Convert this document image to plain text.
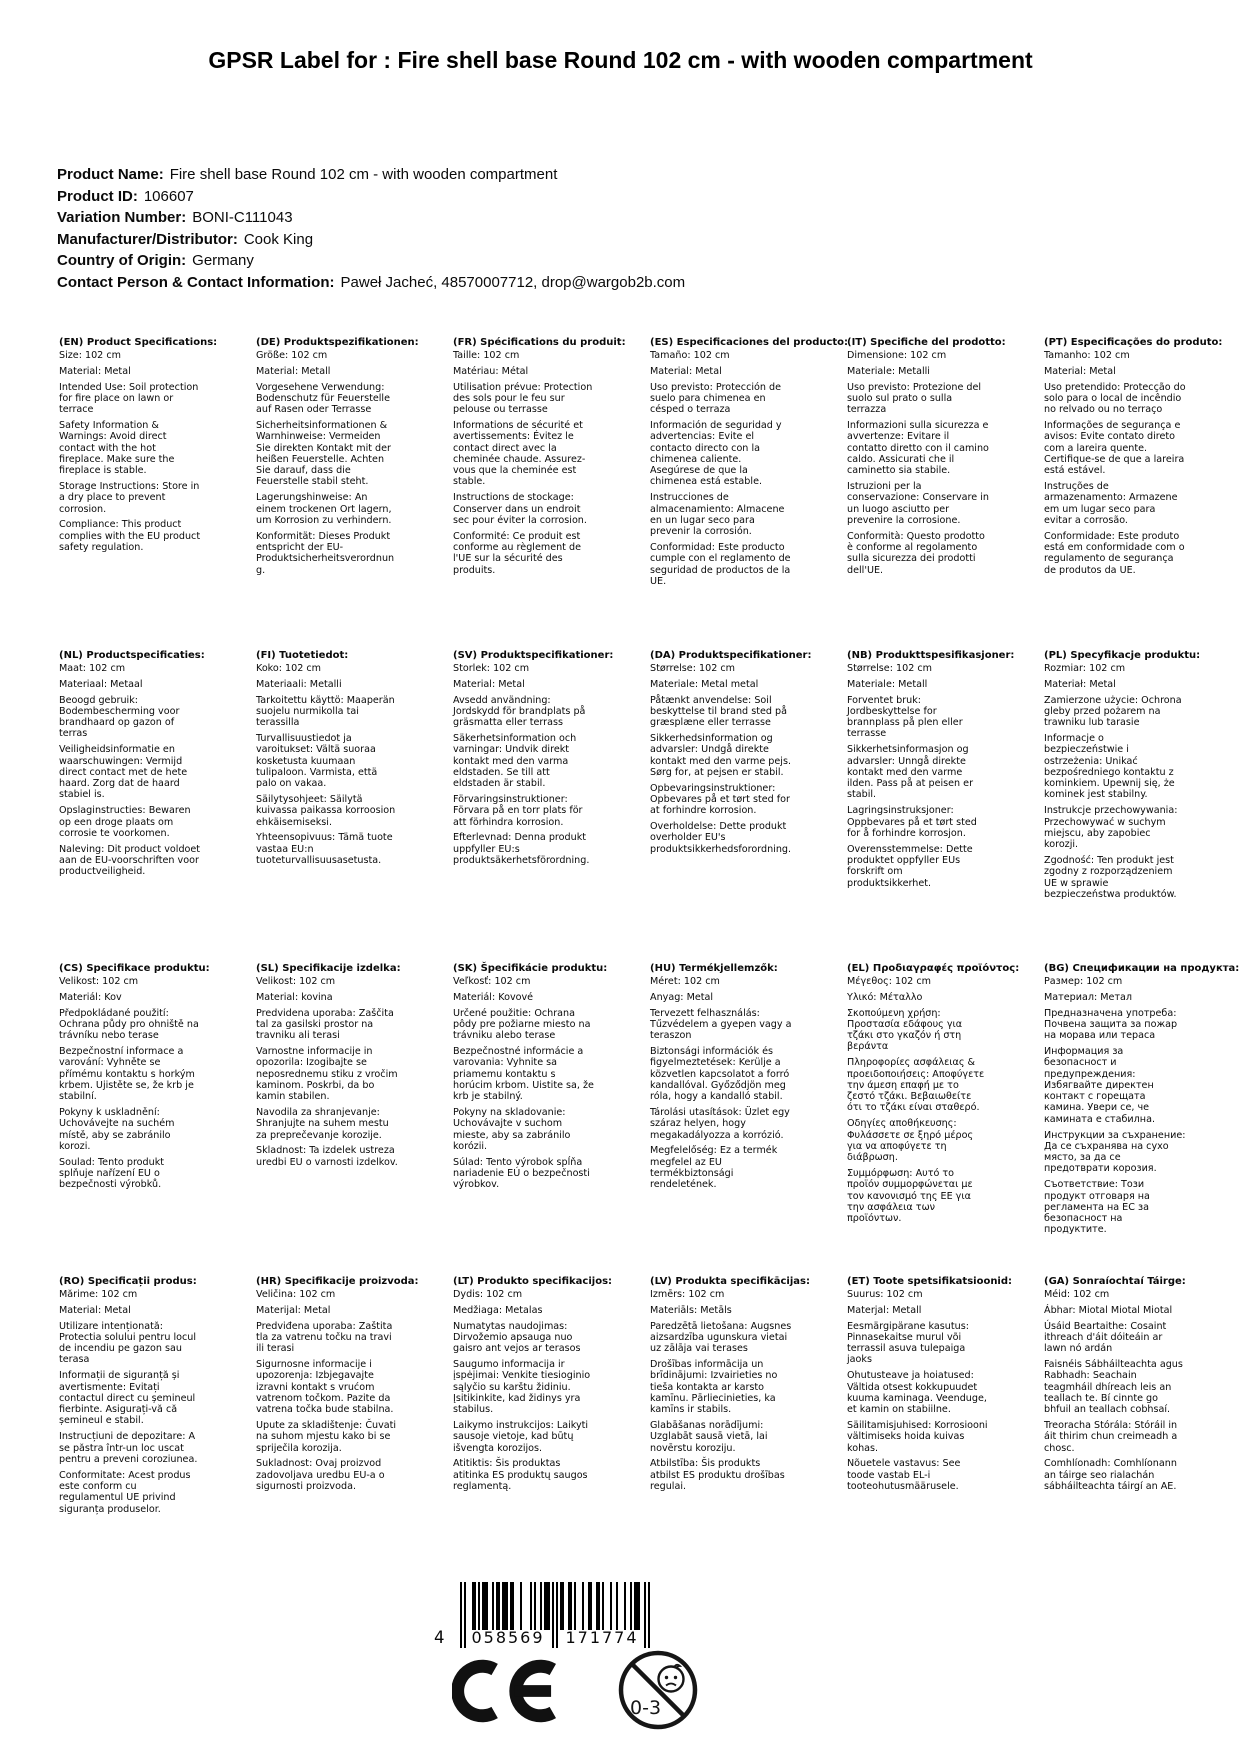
GPSR Label for : Fire shell base Round 102 cm - with wooden compartment
Product Name: Fire shell base Round 102 cm - with wooden compartment
Product ID: 106607
Variation Number: BONI-C111043
Manufacturer/Distributor: Cook King
Country of Origin: Germany
Contact Person & Contact Information: Paweł Jacheć, 48570007712, drop@wargob2b.com
(EN) Product Specifications:

Size: 102 cm

Material: Metal

Intended Use: Soil protection for fire place on lawn or terrace

Safety Information & Warnings: Avoid direct contact with the hot fireplace. Make sure the fireplace is stable.

Storage Instructions: Store in a dry place to prevent corrosion.

Compliance: This product complies with the EU product safety regulation.

(DE) Produktspezifikationen:

Größe: 102 cm

Material: Metall

Vorgesehene Verwendung: Bodenschutz für Feuerstelle auf Rasen oder Terrasse

Sicherheitsinformationen & Warnhinweise: Vermeiden Sie direkten Kontakt mit der heißen Feuerstelle. Achten Sie darauf, dass die Feuerstelle stabil steht.

Lagerungshinweise: An einem trockenen Ort lagern, um Korrosion zu verhindern.

Konformität: Dieses Produkt entspricht der EU-Produktsicherheitsverordnung.

(FR) Spécifications du produit:

Taille: 102 cm

Matériau: Métal

Utilisation prévue: Protection des sols pour le feu sur pelouse ou terrasse

Informations de sécurité et avertissements: Évitez le contact direct avec la cheminée chaude. Assurez-vous que la cheminée est stable.

Instructions de stockage: Conserver dans un endroit sec pour éviter la corrosion.

Conformité: Ce produit est conforme au règlement de l'UE sur la sécurité des produits.

(ES) Especificaciones del producto:

Tamaño: 102 cm

Material: Metal

Uso previsto: Protección de suelo para chimenea en césped o terraza

Información de seguridad y advertencias: Evite el contacto directo con la chimenea caliente. Asegúrese de que la chimenea está estable.

Instrucciones de almacenamiento: Almacene en un lugar seco para prevenir la corrosión.

Conformidad: Este producto cumple con el reglamento de seguridad de productos de la UE.

(IT) Specifiche del prodotto:

Dimensione: 102 cm

Materiale: Metalli

Uso previsto: Protezione del suolo sul prato o sulla terrazza

Informazioni sulla sicurezza e avvertenze: Evitare il contatto diretto con il camino caldo. Assicurati che il caminetto sia stabile.

Istruzioni per la conservazione: Conservare in un luogo asciutto per prevenire la corrosione.

Conformità: Questo prodotto è conforme al regolamento sulla sicurezza dei prodotti dell'UE.

(PT) Especificações do produto:

Tamanho: 102 cm

Material: Metal

Uso pretendido: Protecção do solo para o local de incêndio no relvado ou no terraço

Informações de segurança e avisos: Evite contato direto com a lareira quente. Certifique-se de que a lareira está estável.

Instruções de armazenamento: Armazene em um lugar seco para evitar a corrosão.

Conformidade: Este produto está em conformidade com o regulamento de segurança de produtos da UE.

(NL) Productspecificaties:

Maat: 102 cm

Materiaal: Metaal

Beoogd gebruik: Bodembescherming voor brandhaard op gazon of terras

Veiligheidsinformatie en waarschuwingen: Vermijd direct contact met de hete haard. Zorg dat de haard stabiel is.

Opslaginstructies: Bewaren op een droge plaats om corrosie te voorkomen.

Naleving: Dit product voldoet aan de EU-voorschriften voor productveiligheid.

(FI) Tuotetiedot:

Koko: 102 cm

Materiaali: Metalli

Tarkoitettu käyttö: Maaperän suojelu nurmikolla tai terassilla

Turvallisuustiedot ja varoitukset: Vältä suoraa kosketusta kuumaan tulipaloon. Varmista, että palo on vakaa.

Säilytysohjeet: Säilytä kuivassa paikassa korroosion ehkäisemiseksi.

Yhteensopivuus: Tämä tuote vastaa EU:n tuoteturvallisuusasetusta.

(SV) Produktspecifikationer:

Storlek: 102 cm

Material: Metal

Avsedd användning: Jordskydd för brandplats på gräsmatta eller terrass

Säkerhetsinformation och varningar: Undvik direkt kontakt med den varma eldstaden. Se till att eldstaden är stabil.

Förvaringsinstruktioner: Förvara på en torr plats för att förhindra korrosion.

Efterlevnad: Denna produkt uppfyller EU:s produktsäkerhetsförordning.

(DA) Produktspecifikationer:

Størrelse: 102 cm

Materiale: Metal metal

Påtænkt anvendelse: Soil beskyttelse til brand sted på græsplæne eller terrasse

Sikkerhedsinformation og advarsler: Undgå direkte kontakt med den varme pejs. Sørg for, at pejsen er stabil.

Opbevaringsinstruktioner: Opbevares på et tørt sted for at forhindre korrosion.

Overholdelse: Dette produkt overholder EU's produktsikkerhedsforordning.

(NB) Produkttspesifikasjoner:

Størrelse: 102 cm

Materiale: Metall

Forventet bruk: Jordbeskyttelse for brannplass på plen eller terrasse

Sikkerhetsinformasjon og advarsler: Unngå direkte kontakt med den varme ilden. Pass på at peisen er stabil.

Lagringsinstruksjoner: Oppbevares på et tørt sted for å forhindre korrosjon.

Overensstemmelse: Dette produktet oppfyller EUs forskrift om produktsikkerhet.

(PL) Specyfikacje produktu:

Rozmiar: 102 cm

Materiał: Metal

Zamierzone użycie: Ochrona gleby przed pożarem na trawniku lub tarasie

Informacje o bezpieczeństwie i ostrzeżenia: Unikać bezpośredniego kontaktu z kominkiem. Upewnij się, że kominek jest stabilny.

Instrukcje przechowywania: Przechowywać w suchym miejscu, aby zapobiec korozji.

Zgodność: Ten produkt jest zgodny z rozporządzeniem UE w sprawie bezpieczeństwa produktów.

(CS) Specifikace produktu:

Velikost: 102 cm

Materiál: Kov

Předpokládané použití: Ochrana půdy pro ohniště na trávníku nebo terase

Bezpečnostní informace a varování: Vyhněte se přímému kontaktu s horkým krbem. Ujistěte se, že krb je stabilní.

Pokyny k uskladnění: Uchovávejte na suchém místě, aby se zabránilo korozi.

Soulad: Tento produkt splňuje nařízení EU o bezpečnosti výrobků.

(SL) Specifikacije izdelka:

Velikost: 102 cm

Material: kovina

Predvidena uporaba: Zaščita tal za gasilski prostor na travniku ali terasi

Varnostne informacije in opozorila: Izogibajte se neposrednemu stiku z vročim kaminom. Poskrbi, da bo kamin stabilen.

Navodila za shranjevanje: Shranjujte na suhem mestu za preprečevanje korozije.

Skladnost: Ta izdelek ustreza uredbi EU o varnosti izdelkov.

(SK) Špecifikácie produktu:

Veľkosť: 102 cm

Materiál: Kovové

Určené použitie: Ochrana pôdy pre požiarne miesto na trávniku alebo terase

Bezpečnostné informácie a varovania: Vyhnite sa priamemu kontaktu s horúcim krbom. Uistite sa, že krb je stabilný.

Pokyny na skladovanie: Uchovávajte v suchom mieste, aby sa zabránilo korózii.

Súlad: Tento výrobok spĺňa nariadenie EÚ o bezpečnosti výrobkov.

(HU) Termékjellemzők:

Méret: 102 cm

Anyag: Metal

Tervezett felhasználás: Tűzvédelem a gyepen vagy a teraszon

Biztonsági információk és figyelmeztetések: Kerülje a közvetlen kapcsolatot a forró kandallóval. Győződjön meg róla, hogy a kandalló stabil.

Tárolási utasítások: Üzlet egy száraz helyen, hogy megakadályozza a korrózió.

Megfelelőség: Ez a termék megfelel az EU termékbiztonsági rendeletének.

(EL) Προδιαγραφές προϊόντος:

Μέγεθος: 102 cm

Υλικό: Μέταλλο

Σκοπούμενη χρήση: Προστασία εδάφους για τζάκι στο γκαζόν ή στη βεράντα

Πληροφορίες ασφάλειας & προειδοποιήσεις: Αποφύγετε την άμεση επαφή με το ζεστό τζάκι. Βεβαιωθείτε ότι το τζάκι είναι σταθερό.

Οδηγίες αποθήκευσης: Φυλάσσετε σε ξηρό μέρος για να αποφύγετε τη διάβρωση.

Συμμόρφωση: Αυτό το προϊόν συμμορφώνεται με τον κανονισμό της ΕΕ για την ασφάλεια των προϊόντων.

(BG) Спецификации на продукта:

Размер: 102 cm

Материал: Метал

Предназначена употреба: Почвена защита за пожар на морава или тераса

Информация за безопасност и предупреждения: Избягвайте директен контакт с горещата камина. Увери се, че камината е стабилна.

Инструкции за съхранение: Да се съхранява на сухо място, за да се предотврати корозия.

Съответствие: Този продукт отговаря на регламента на ЕС за безопасност на продуктите.

(RO) Specificații produs:

Mărime: 102 cm

Material: Metal

Utilizare intenționată: Protectia solului pentru locul de incendiu pe gazon sau terasa

Informații de siguranță și avertismente: Evitați contactul direct cu șemineul fierbinte. Asigurați-vă că șemineul e stabil.

Instrucțiuni de depozitare: A se păstra într-un loc uscat pentru a preveni coroziunea.

Conformitate: Acest produs este conform cu regulamentul UE privind siguranța produselor.

(HR) Specifikacije proizvoda:

Veličina: 102 cm

Materijal: Metal

Predviđena uporaba: Zaštita tla za vatrenu točku na travi ili terasi

Sigurnosne informacije i upozorenja: Izbjegavajte izravni kontakt s vrućom vatrenom točkom. Pazite da vatrena točka bude stabilna.

Upute za skladištenje: Čuvati na suhom mjestu kako bi se spriječila korozija.

Sukladnost: Ovaj proizvod zadovoljava uredbu EU-a o sigurnosti proizvoda.

(LT) Produkto specifikacijos:

Dydis: 102 cm

Medžiaga: Metalas

Numatytas naudojimas: Dirvožemio apsauga nuo gaisro ant vejos ar terasos

Saugumo informacija ir įspėjimai: Venkite tiesioginio sąlyčio su karštu židiniu. Įsitikinkite, kad židinys yra stabilus.

Laikymo instrukcijos: Laikyti sausoje vietoje, kad būtų išvengta korozijos.

Atitiktis: Šis produktas atitinka ES produktų saugos reglamentą.

(LV) Produkta specifikācijas:

Izmērs: 102 cm

Materiāls: Metāls

Paredzētā lietošana: Augsnes aizsardzība ugunskura vietai uz zālāja vai terases

Drošības informācija un brīdinājumi: Izvairieties no tieša kontakta ar karsto kamīnu. Pārliecinieties, ka kamīns ir stabils.

Glabāšanas norādījumi: Uzglabāt sausā vietā, lai novērstu koroziju.

Atbilstība: Šis produkts atbilst ES produktu drošības regulai.

(ET) Toote spetsifikatsioonid:

Suurus: 102 cm

Materjal: Metall

Eesmärgipärane kasutus: Pinnasekaitse murul või terrassil asuva tulepaiga jaoks

Ohutusteave ja hoiatused: Vältida otsest kokkupuudet kuuma kaminaga. Veenduge, et kamin on stabiilne.

Säilitamisjuhised: Korrosiooni vältimiseks hoida kuivas kohas.

Nõuetele vastavus: See toode vastab EL-i tooteohutusmäärusele.

(GA) Sonraíochtaí Táirge:

Méid: 102 cm

Ábhar: Miotal Miotal Miotal

Úsáid Beartaithe: Cosaint ithreach d'áit dóiteáin ar lawn nó ardán

Faisnéis Sábháilteachta agus Rabhadh: Seachain teagmháil dhíreach leis an teallach te. Bí cinnte go bhfuil an teallach cobhsaí.

Treoracha Stórála: Stóráil in áit thirim chun creimeadh a chosc.

Comhlíonadh: Comhlíonann an táirge seo rialachán sábháilteachta táirgí an AE.

4	058569	171774
0-3
